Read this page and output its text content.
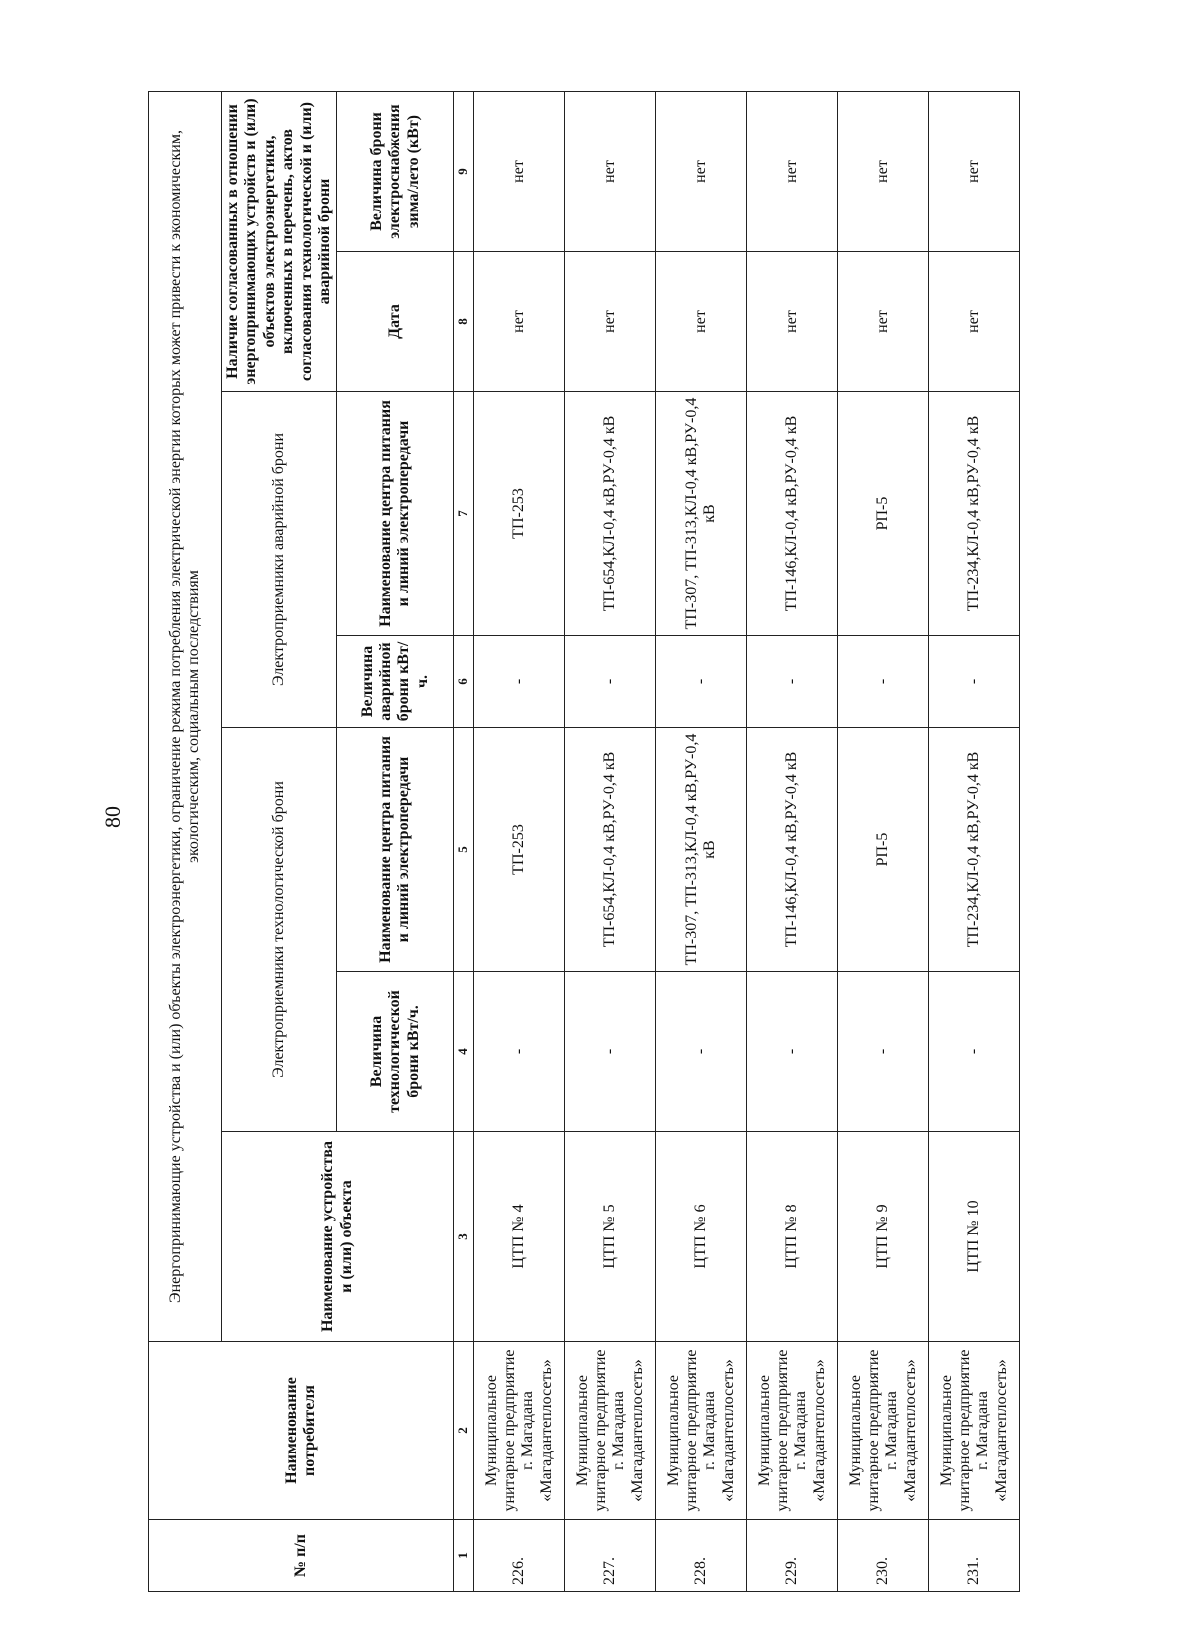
80
№ п/п	Наименование потребителя	Энергопринимающие устройства и (или) объекты электроэнергетики, ограничение режима потребления электрической энергии которых может привести к экономическим, экологическим, социальным последствиям						
		Наименование устройства и (или) объекта	Электроприемники технологической брони		Электроприемники аварийной брони		Наличие согласованных в отношении энергопринимающих устройств и (или) объектов электроэнергетики, включенных в перечень, актов согласования технологической и (или) аварийной брони	
			Величина технологической брони кВт/ч.	Наименование центра питания и линий электропередачи	Величина аварийной брони кВт/ч.	Наименование центра питания и линий электропередачи	Дата	Величина брони электроснабжения зима/лето (кВт)
1	2	3	4	5	6	7	8	9
226.	Муниципальное унитарное предприятие г. Магадана «Магадантеплосеть»	ЦТП № 4	-	ТП-253	-	ТП-253	нет	нет
227.	Муниципальное унитарное предприятие г. Магадана «Магадантеплосеть»	ЦТП № 5	-	ТП-654,КЛ-0,4 кВ,РУ-0,4 кВ	-	ТП-654,КЛ-0,4 кВ,РУ-0,4 кВ	нет	нет
228.	Муниципальное унитарное предприятие г. Магадана «Магадантеплосеть»	ЦТП № 6	-	ТП-307, ТП-313,КЛ-0,4 кВ,РУ-0,4 кВ	-	ТП-307, ТП-313,КЛ-0,4 кВ,РУ-0,4 кВ	нет	нет
229.	Муниципальное унитарное предприятие г. Магадана «Магадантеплосеть»	ЦТП № 8	-	ТП-146,КЛ-0,4 кВ,РУ-0,4 кВ	-	ТП-146,КЛ-0,4 кВ,РУ-0,4 кВ	нет	нет
230.	Муниципальное унитарное предприятие г. Магадана «Магадантеплосеть»	ЦТП № 9	-	РП-5	-	РП-5	нет	нет
231.	Муниципальное унитарное предприятие г. Магадана «Магадантеплосеть»	ЦТП № 10	-	ТП-234,КЛ-0,4 кВ,РУ-0,4 кВ	-	ТП-234,КЛ-0,4 кВ,РУ-0,4 кВ	нет	нет
